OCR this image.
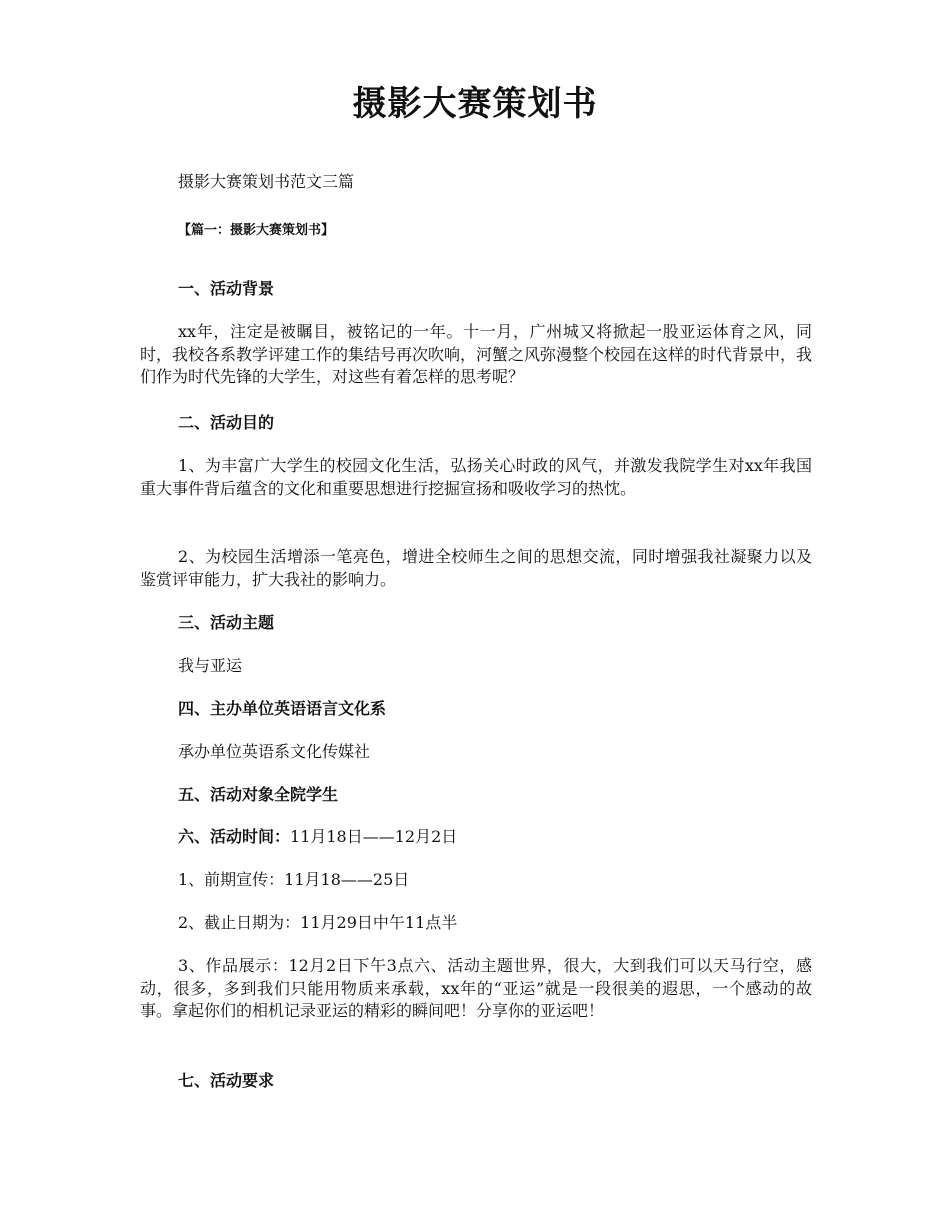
摄影大赛策划书
摄影大赛策划书范文三篇
【篇一：摄影大赛策划书】
一、活动背景
xx年，注定是被瞩目，被铭记的一年。十一月，广州城又将掀起一股亚运体育之风，同时，我校各系教学评建工作的集结号再次吹响，河蟹之风弥漫整个校园在这样的时代背景中，我们作为时代先锋的大学生，对这些有着怎样的思考呢？
二、活动目的
1、为丰富广大学生的校园文化生活，弘扬关心时政的风气，并激发我院学生对xx年我国重大事件背后蕴含的文化和重要思想进行挖掘宣扬和吸收学习的热忱。
2、为校园生活增添一笔亮色，增进全校师生之间的思想交流，同时增强我社凝聚力以及鉴赏评审能力，扩大我社的影响力。
三、活动主题
我与亚运
四、主办单位英语语言文化系
承办单位英语系文化传媒社
五、活动对象全院学生
六、活动时间：11月18日——12月2日
1、前期宣传：11月18——25日
2、截止日期为：11月29日中午11点半
3、作品展示：12月2日下午3点六、活动主题世界，很大，大到我们可以天马行空，感动，很多，多到我们只能用物质来承载，xx年的“亚运”就是一段很美的遐思，一个感动的故事。拿起你们的相机记录亚运的精彩的瞬间吧！分享你的亚运吧！
七、活动要求
